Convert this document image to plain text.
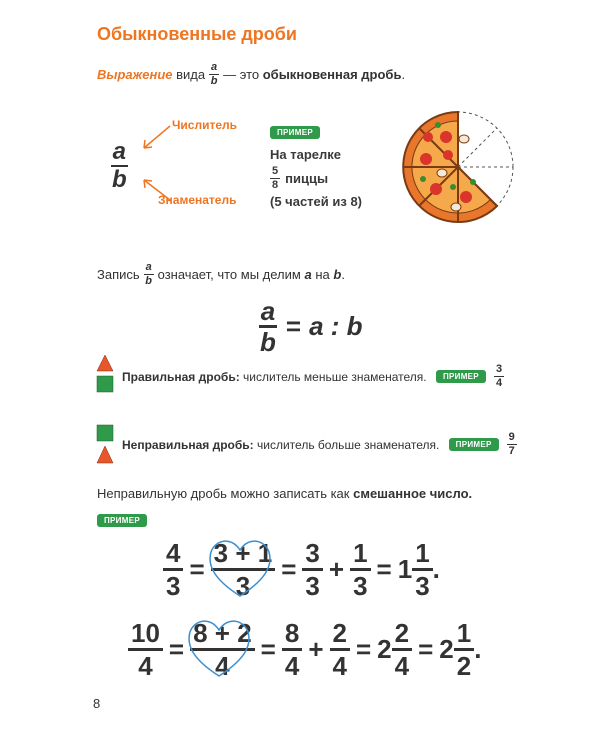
Обыкновенные дроби
Выражение
вида
$\frac{a}{b}$
—
это
обыкновенная дробь .
$\frac{a}{b}$
Числитель
Знаменатель
ПРИМЕР
На тарелке
$\frac{5}{8}$ пиццы
(5 частей из 8)
Запись
$\frac{a}{b}$
означает, что мы делим
a
на
b .
$\frac{a}{b} = a$ : b
Правильная дробь:
числитель меньше знаменателя.
	ПРИМЕР	$\frac{3}{4}$
Неправильная дробь:
числитель больше знаменателя.
	ПРИМЕР	$\frac{9}{7}$
Неправильную дробь можно записать как смешанное число.
ПРИМЕР
$\frac{4}{3} = \frac{3 + 1}{3} = \frac{3}{3} + \frac{1}{3} = 1 \frac{1}{3}$ .
$\frac{10}{4} = \frac{8 + 2}{4} = \frac{8}{4} + \frac{2}{4} = 2 \frac{2}{4} = 2 \frac{1}{2}$ .
8
